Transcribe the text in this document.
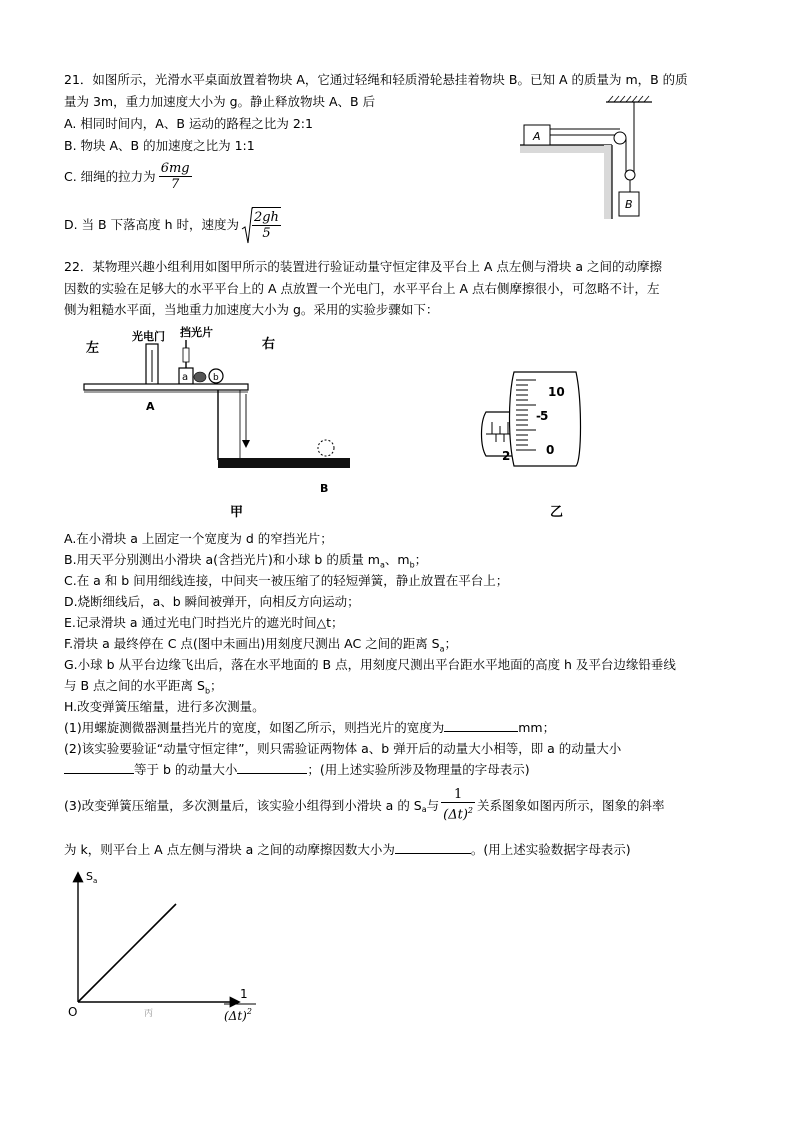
21．如图所示，光滑水平桌面放置着物块 A，它通过轻绳和轻质滑轮悬挂着物块 B。已知 A 的质量为 m，B 的质
量为 3m，重力加速度大小为 g。静止释放物块 A、B 后
A. 相同时间内，A、B 运动的路程之比为 2:1
B. 物块 A、B 的加速度之比为 1:1
C. 细绳的拉力为 $\frac{6mg}{7}$
D. 当 B 下落高度 h 时，速度为 $\frac{2gh}{5}$
A
B
22．某物理兴趣小组利用如图甲所示的装置进行验证动量守恒定律及平台上 A 点左侧与滑块 a 之间的动摩擦
因数的实验在足够大的水平平台上的 A 点放置一个光电门，水平平台上 A 点右侧摩擦很小，可忽略不计，左
侧为粗糙水平面，当地重力加速度大小为 g。采用的实验步骤如下：
左	右
光电门 挡光片
a	b
A
B
甲
2
10
5
0
-
乙
A.在小滑块 a 上固定一个宽度为 d 的窄挡光片；
B.用天平分别测出小滑块 a(含挡光片)和小球 b 的质量 $m_a$、$m_b$；
C.在 a 和 b 间用细线连接，中间夹一被压缩了的轻短弹簧，静止放置在平台上；
D.烧断细线后，a、b 瞬间被弹开，向相反方向运动；
E.记录滑块 a 通过光电门时挡光片的遮光时间△t；
F.滑块 a 最终停在 C 点(图中未画出)用刻度尺测出 AC 之间的距离 $S_a$；
G.小球 b 从平台边缘飞出后，落在水平地面的 B 点，用刻度尺测出平台距水平地面的高度 h 及平台边缘铅垂线
与 B 点之间的水平距离 $S_b$；
H.改变弹簧压缩量，进行多次测量。
(1)用螺旋测微器测量挡光片的宽度，如图乙所示，则挡光片的宽度为	mm；
(2)该实验要验证“动量守恒定律”，则只需验证两物体 a、b 弹开后的动量大小相等，即 a 的动量大小
等于 b 的动量大小	；(用上述实验所涉及物理量的字母表示)
(3)改变弹簧压缩量，多次测量后，该实验小组得到小滑块 a 的 $S_a$ 与 $\frac{1}{(\Delta t)^2}$ 关系图象如图丙所示，图象的斜率
为 k，则平台上 A 点左侧与滑块 a 之间的动摩擦因数大小为	。(用上述实验数据字母表示)
$S_a$
O
1
$(\Delta t)^2$
丙
